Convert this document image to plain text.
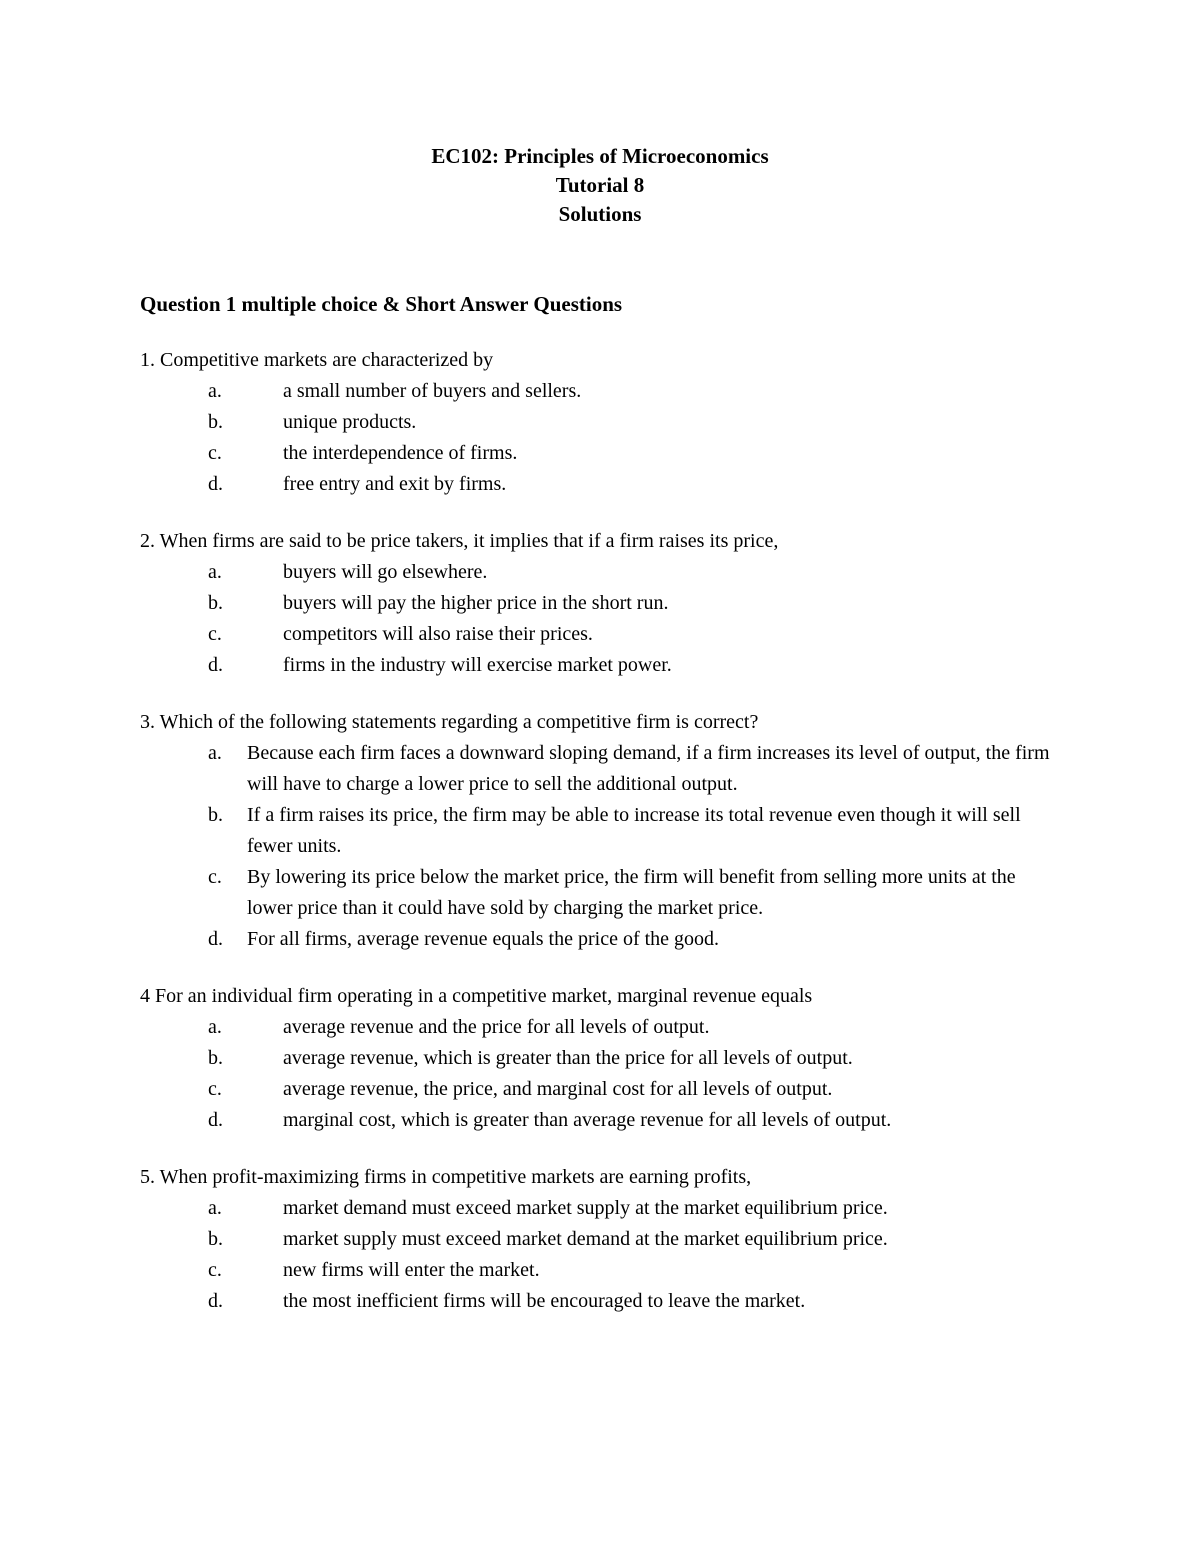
EC102: Principles of Microeconomics
Tutorial 8
Solutions
Question 1 multiple choice & Short Answer Questions
1. Competitive markets are characterized by
a.	a small number of buyers and sellers.
b.	unique products.
c.	the interdependence of firms.
d.	free entry and exit by firms.
2. When firms are said to be price takers, it implies that if a firm raises its price,
a.	buyers will go elsewhere.
b.	buyers will pay the higher price in the short run.
c.	competitors will also raise their prices.
d.	firms in the industry will exercise market power.
3. Which of the following statements regarding a competitive firm is correct?
a.	Because each firm faces a downward sloping demand, if a firm increases its level of output, the firm will have to charge a lower price to sell the additional output.
b.	If a firm raises its price, the firm may be able to increase its total revenue even though it will sell fewer units.
c.	By lowering its price below the market price, the firm will benefit from selling more units at the lower price than it could have sold by charging the market price.
d.	For all firms, average revenue equals the price of the good.
4 For an individual firm operating in a competitive market, marginal revenue equals
a.	average revenue and the price for all levels of output.
b.	average revenue, which is greater than the price for all levels of output.
c.	average revenue, the price, and marginal cost for all levels of output.
d.	marginal cost, which is greater than average revenue for all levels of output.
5. When profit-maximizing firms in competitive markets are earning profits,
a.	market demand must exceed market supply at the market equilibrium price.
b.	market supply must exceed market demand at the market equilibrium price.
c.	new firms will enter the market.
d.	the most inefficient firms will be encouraged to leave the market.
